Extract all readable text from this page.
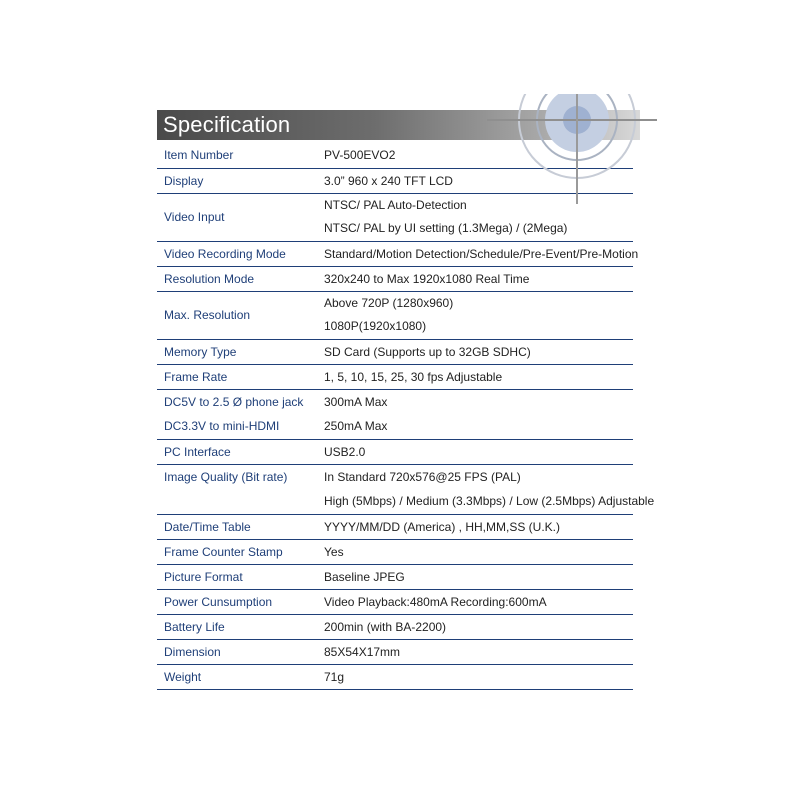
Specification
Item Number	PV-500EVO2
Display	3.0” 960 x 240 TFT LCD
Video Input	NTSC/ PAL Auto-Detection
NTSC/ PAL by UI setting (1.3Mega) / (2Mega)

Video Recording Mode	Standard/Motion Detection/Schedule/Pre-Event/Pre-Motion
Resolution Mode	320x240 to Max 1920x1080 Real Time
Max. Resolution	Above 720P (1280x960)
1080P(1920x1080)

Memory Type	SD Card (Supports up to 32GB SDHC)
Frame Rate	1, 5, 10, 15, 25, 30 fps Adjustable
DC5V to 2.5 Ø phone jack	300mA Max
DC3.3V to mini-HDMI	250mA Max
PC Interface	USB2.0
Image Quality (Bit rate)	In Standard 720x576@25 FPS (PAL)
	High (5Mbps) / Medium (3.3Mbps) / Low (2.5Mbps) Adjustable
Date/Time Table	YYYY/MM/DD (America) , HH,MM,SS (U.K.)
Frame Counter Stamp	Yes
Picture Format	Baseline JPEG
Power Cunsumption	Video Playback:480mA Recording:600mA
Battery Life	200min (with BA-2200)
Dimension	85X54X17mm
Weight	71g
